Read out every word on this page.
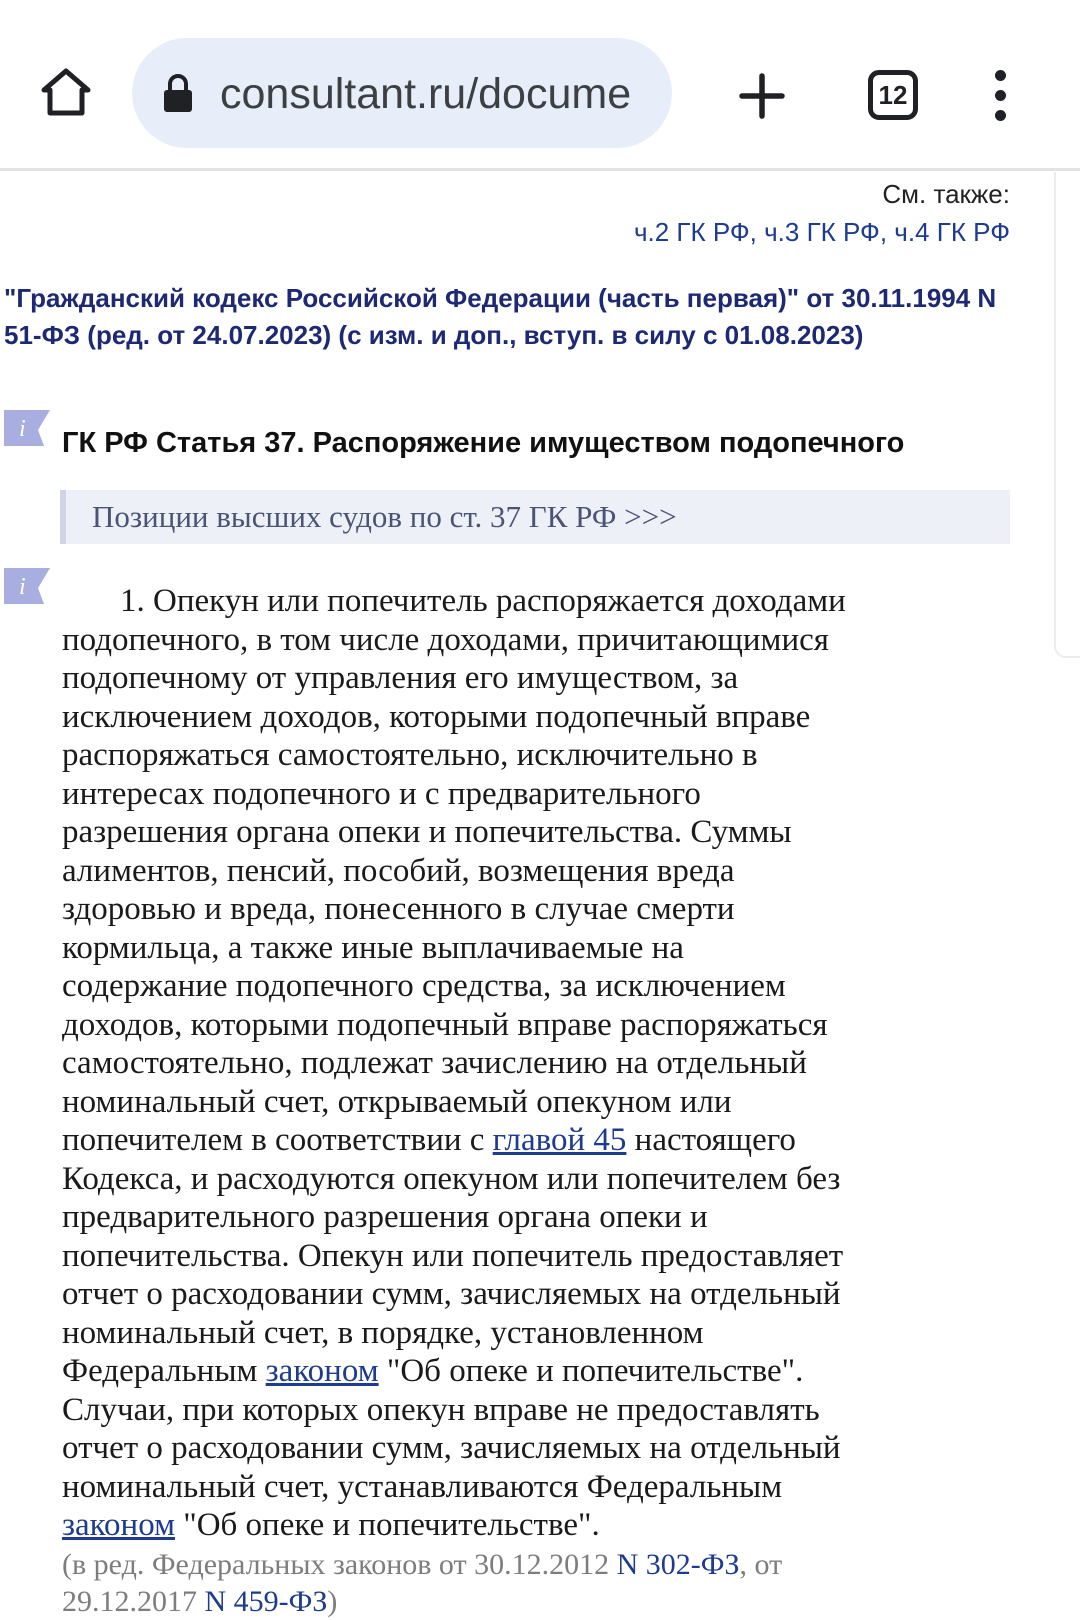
consultant.ru/docume	12
См. также:
ч.2 ГК РФ, ч.3 ГК РФ, ч.4 ГК РФ
"Гражданский кодекс Российской Федерации (часть первая)" от 30.11.1994 N
51-ФЗ (ред. от 24.07.2023) (с изм. и доп., вступ. в силу с 01.08.2023)
i ГК РФ Статья 37. Распоряжение имуществом подопечного
Позиции высших судов по ст. 37 ГК РФ >>>
i	1. Опекун или попечитель распоряжается доходами
подопечного, в том числе доходами, причитающимися
подопечному от управления его имуществом, за
исключением доходов, которыми подопечный вправе
распоряжаться самостоятельно, исключительно в
интересах подопечного и с предварительного
разрешения органа опеки и попечительства. Суммы
алиментов, пенсий, пособий, возмещения вреда
здоровью и вреда, понесенного в случае смерти
кормильца, а также иные выплачиваемые на
содержание подопечного средства, за исключением
доходов, которыми подопечный вправе распоряжаться
самостоятельно, подлежат зачислению на отдельный
номинальный счет, открываемый опекуном или
попечителем в соответствии с главой 45 настоящего
Кодекса, и расходуются опекуном или попечителем без
предварительного разрешения органа опеки и
попечительства. Опекун или попечитель предоставляет
отчет о расходовании сумм, зачисляемых на отдельный
номинальный счет, в порядке, установленном
Федеральным законом "Об опеке и попечительстве".
Случаи, при которых опекун вправе не предоставлять
отчет о расходовании сумм, зачисляемых на отдельный
номинальный счет, устанавливаются Федеральным
законом "Об опеке и попечительстве".
(в ред. Федеральных законов от 30.12.2012 N 302-ФЗ, от
29.12.2017 N 459-ФЗ)
